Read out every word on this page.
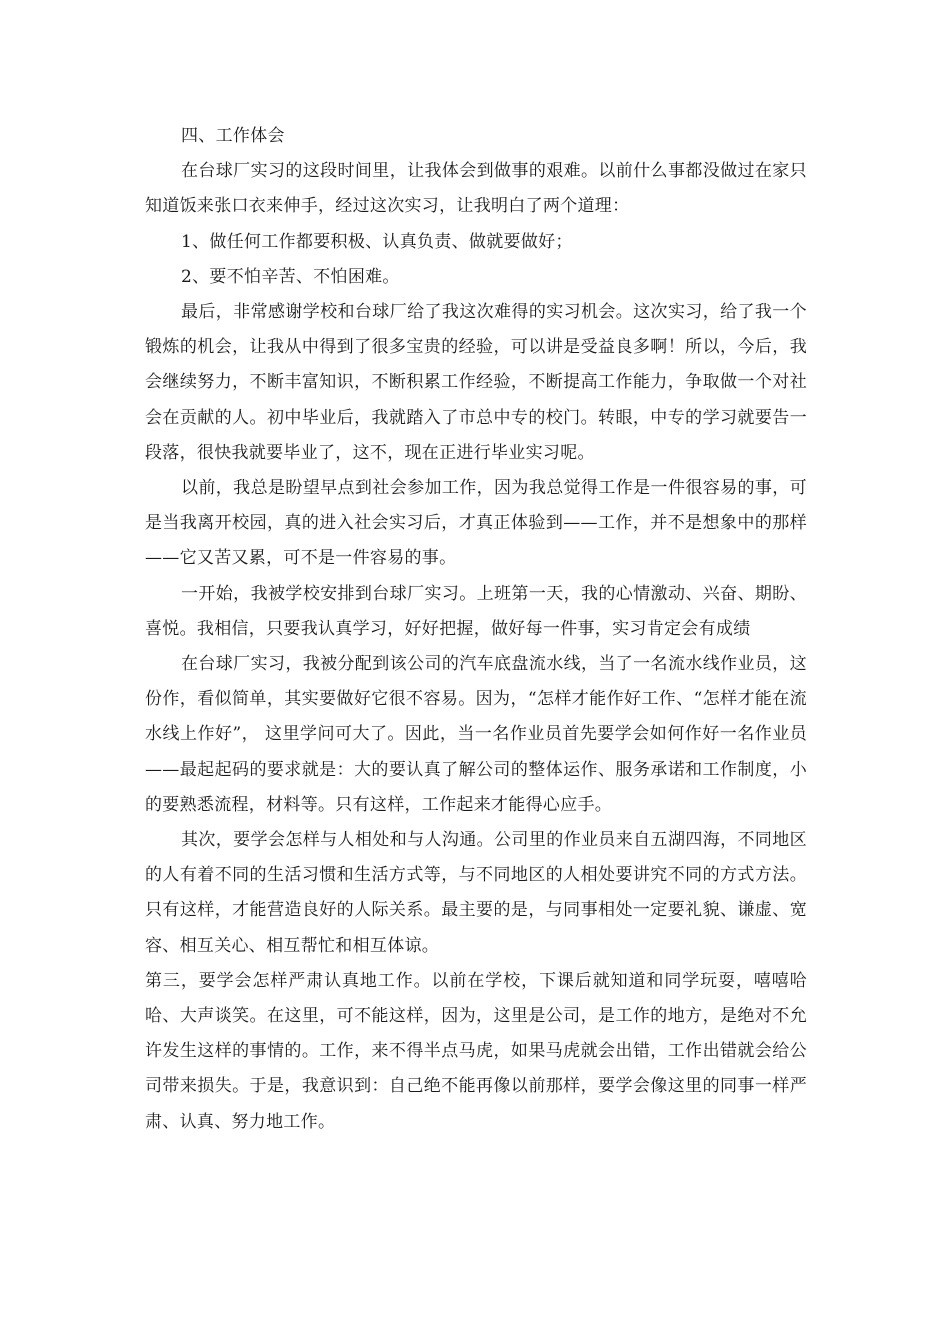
四、工作体会

在台球厂实习的这段时间里，让我体会到做事的艰难。以前什么事都没做过在家只知道饭来张口衣来伸手，经过这次实习，让我明白了两个道理：

1、做任何工作都要积极、认真负责、做就要做好；

2、要不怕辛苦、不怕困难。

最后，非常感谢学校和台球厂给了我这次难得的实习机会。这次实习，给了我一个锻炼的机会，让我从中得到了很多宝贵的经验，可以讲是受益良多啊！所以，今后，我会继续努力，不断丰富知识，不断积累工作经验，不断提高工作能力，争取做一个对社会在贡献的人。初中毕业后，我就踏入了市总中专的校门。转眼，中专的学习就要告一段落，很快我就要毕业了，这不，现在正进行毕业实习呢。

以前，我总是盼望早点到社会参加工作，因为我总觉得工作是一件很容易的事，可是当我离开校园，真的进入社会实习后，才真正体验到——工作，并不是想象中的那样——它又苦又累，可不是一件容易的事。

一开始，我被学校安排到台球厂实习。上班第一天，我的心情激动、兴奋、期盼、喜悦。我相信，只要我认真学习，好好把握，做好每一件事，实习肯定会有成绩

在台球厂实习，我被分配到该公司的汽车底盘流水线，当了一名流水线作业员，这份作，看似简单，其实要做好它很不容易。因为，“怎样才能作好工作、“怎样才能在流水线上作好”， 这里学问可大了。因此，当一名作业员首先要学会如何作好一名作业员——最起起码的要求就是：大的要认真了解公司的整体运作、服务承诺和工作制度，小的要熟悉流程，材料等。只有这样，工作起来才能得心应手。

其次，要学会怎样与人相处和与人沟通。公司里的作业员来自五湖四海，不同地区的人有着不同的生活习惯和生活方式等，与不同地区的人相处要讲究不同的方式方法。只有这样，才能营造良好的人际关系。最主要的是，与同事相处一定要礼貌、谦虚、宽容、相互关心、相互帮忙和相互体谅。

第三，要学会怎样严肃认真地工作。以前在学校，下课后就知道和同学玩耍，嘻嘻哈哈、大声谈笑。在这里，可不能这样，因为，这里是公司，是工作的地方，是绝对不允许发生这样的事情的。工作，来不得半点马虎，如果马虎就会出错，工作出错就会给公司带来损失。于是，我意识到：自己绝不能再像以前那样，要学会像这里的同事一样严肃、认真、努力地工作。
